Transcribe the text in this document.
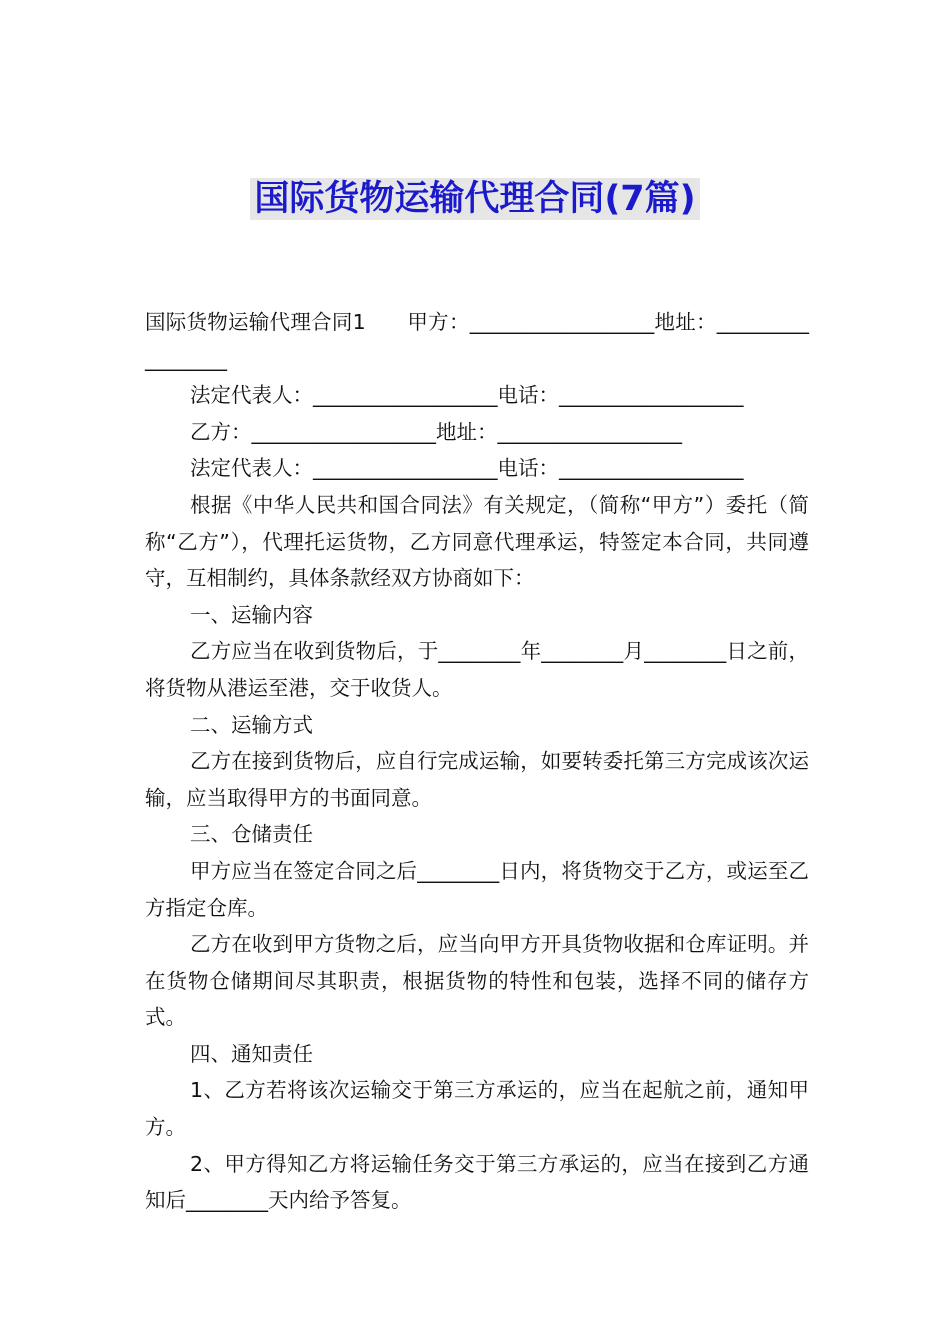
国际货物运输代理合同(7篇)

国际货物运输代理合同1　　甲方：__________________地址：_________________

法定代表人：__________________电话：__________________

乙方：__________________地址：__________________

法定代表人：__________________电话：__________________

根据《中华人民共和国合同法》有关规定，（简称“甲方”）委托（简称“乙方”），代理托运货物，乙方同意代理承运，特签定本合同，共同遵守，互相制约，具体条款经双方协商如下：

一、运输内容

乙方应当在收到货物后，于________年________月________日之前，将货物从港运至港，交于收货人。

二、运输方式

乙方在接到货物后，应自行完成运输，如要转委托第三方完成该次运输，应当取得甲方的书面同意。

三、仓储责任

甲方应当在签定合同之后________日内，将货物交于乙方，或运至乙方指定仓库。

乙方在收到甲方货物之后，应当向甲方开具货物收据和仓库证明。并在货物仓储期间尽其职责，根据货物的特性和包装，选择不同的储存方式。

四、通知责任

1、乙方若将该次运输交于第三方承运的，应当在起航之前，通知甲方。

2、甲方得知乙方将运输任务交于第三方承运的，应当在接到乙方通知后________天内给予答复。
